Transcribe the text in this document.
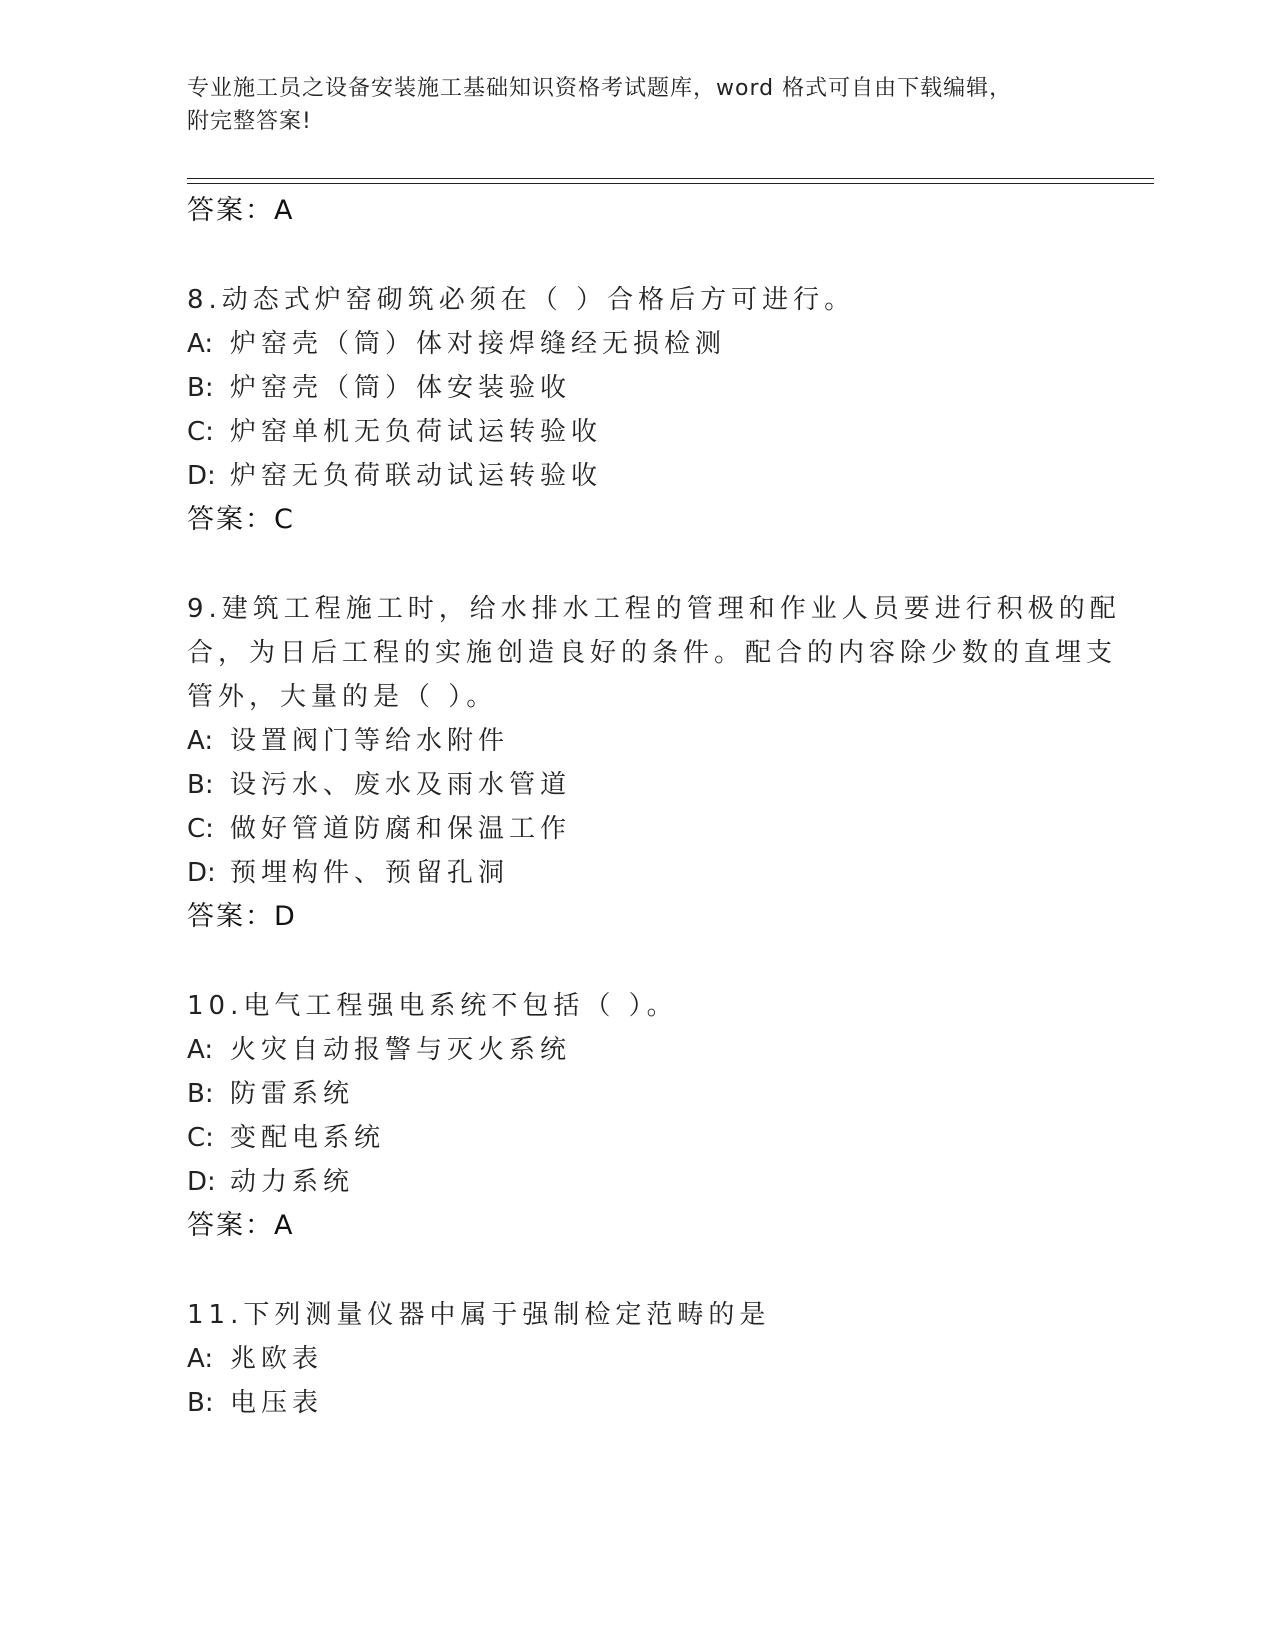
专业施工员之设备安装施工基础知识资格考试题库，word 格式可自由下载编辑，
附完整答案!
答案：A
8.动态式炉窑砌筑必须在（ ）合格后方可进行。
A: 炉窑壳（筒）体对接焊缝经无损检测
B: 炉窑壳（筒）体安装验收
C: 炉窑单机无负荷试运转验收
D: 炉窑无负荷联动试运转验收
答案：C
9.建筑工程施工时，给水排水工程的管理和作业人员要进行积极的配
合，为日后工程的实施创造良好的条件。配合的内容除少数的直埋支
管外，大量的是（ ）。
A: 设置阀门等给水附件
B: 设污水、废水及雨水管道
C: 做好管道防腐和保温工作
D: 预埋构件、预留孔洞
答案：D
10.电气工程强电系统不包括（ ）。
A: 火灾自动报警与灭火系统
B: 防雷系统
C: 变配电系统
D: 动力系统
答案：A
11.下列测量仪器中属于强制检定范畴的是
A: 兆欧表
B: 电压表
